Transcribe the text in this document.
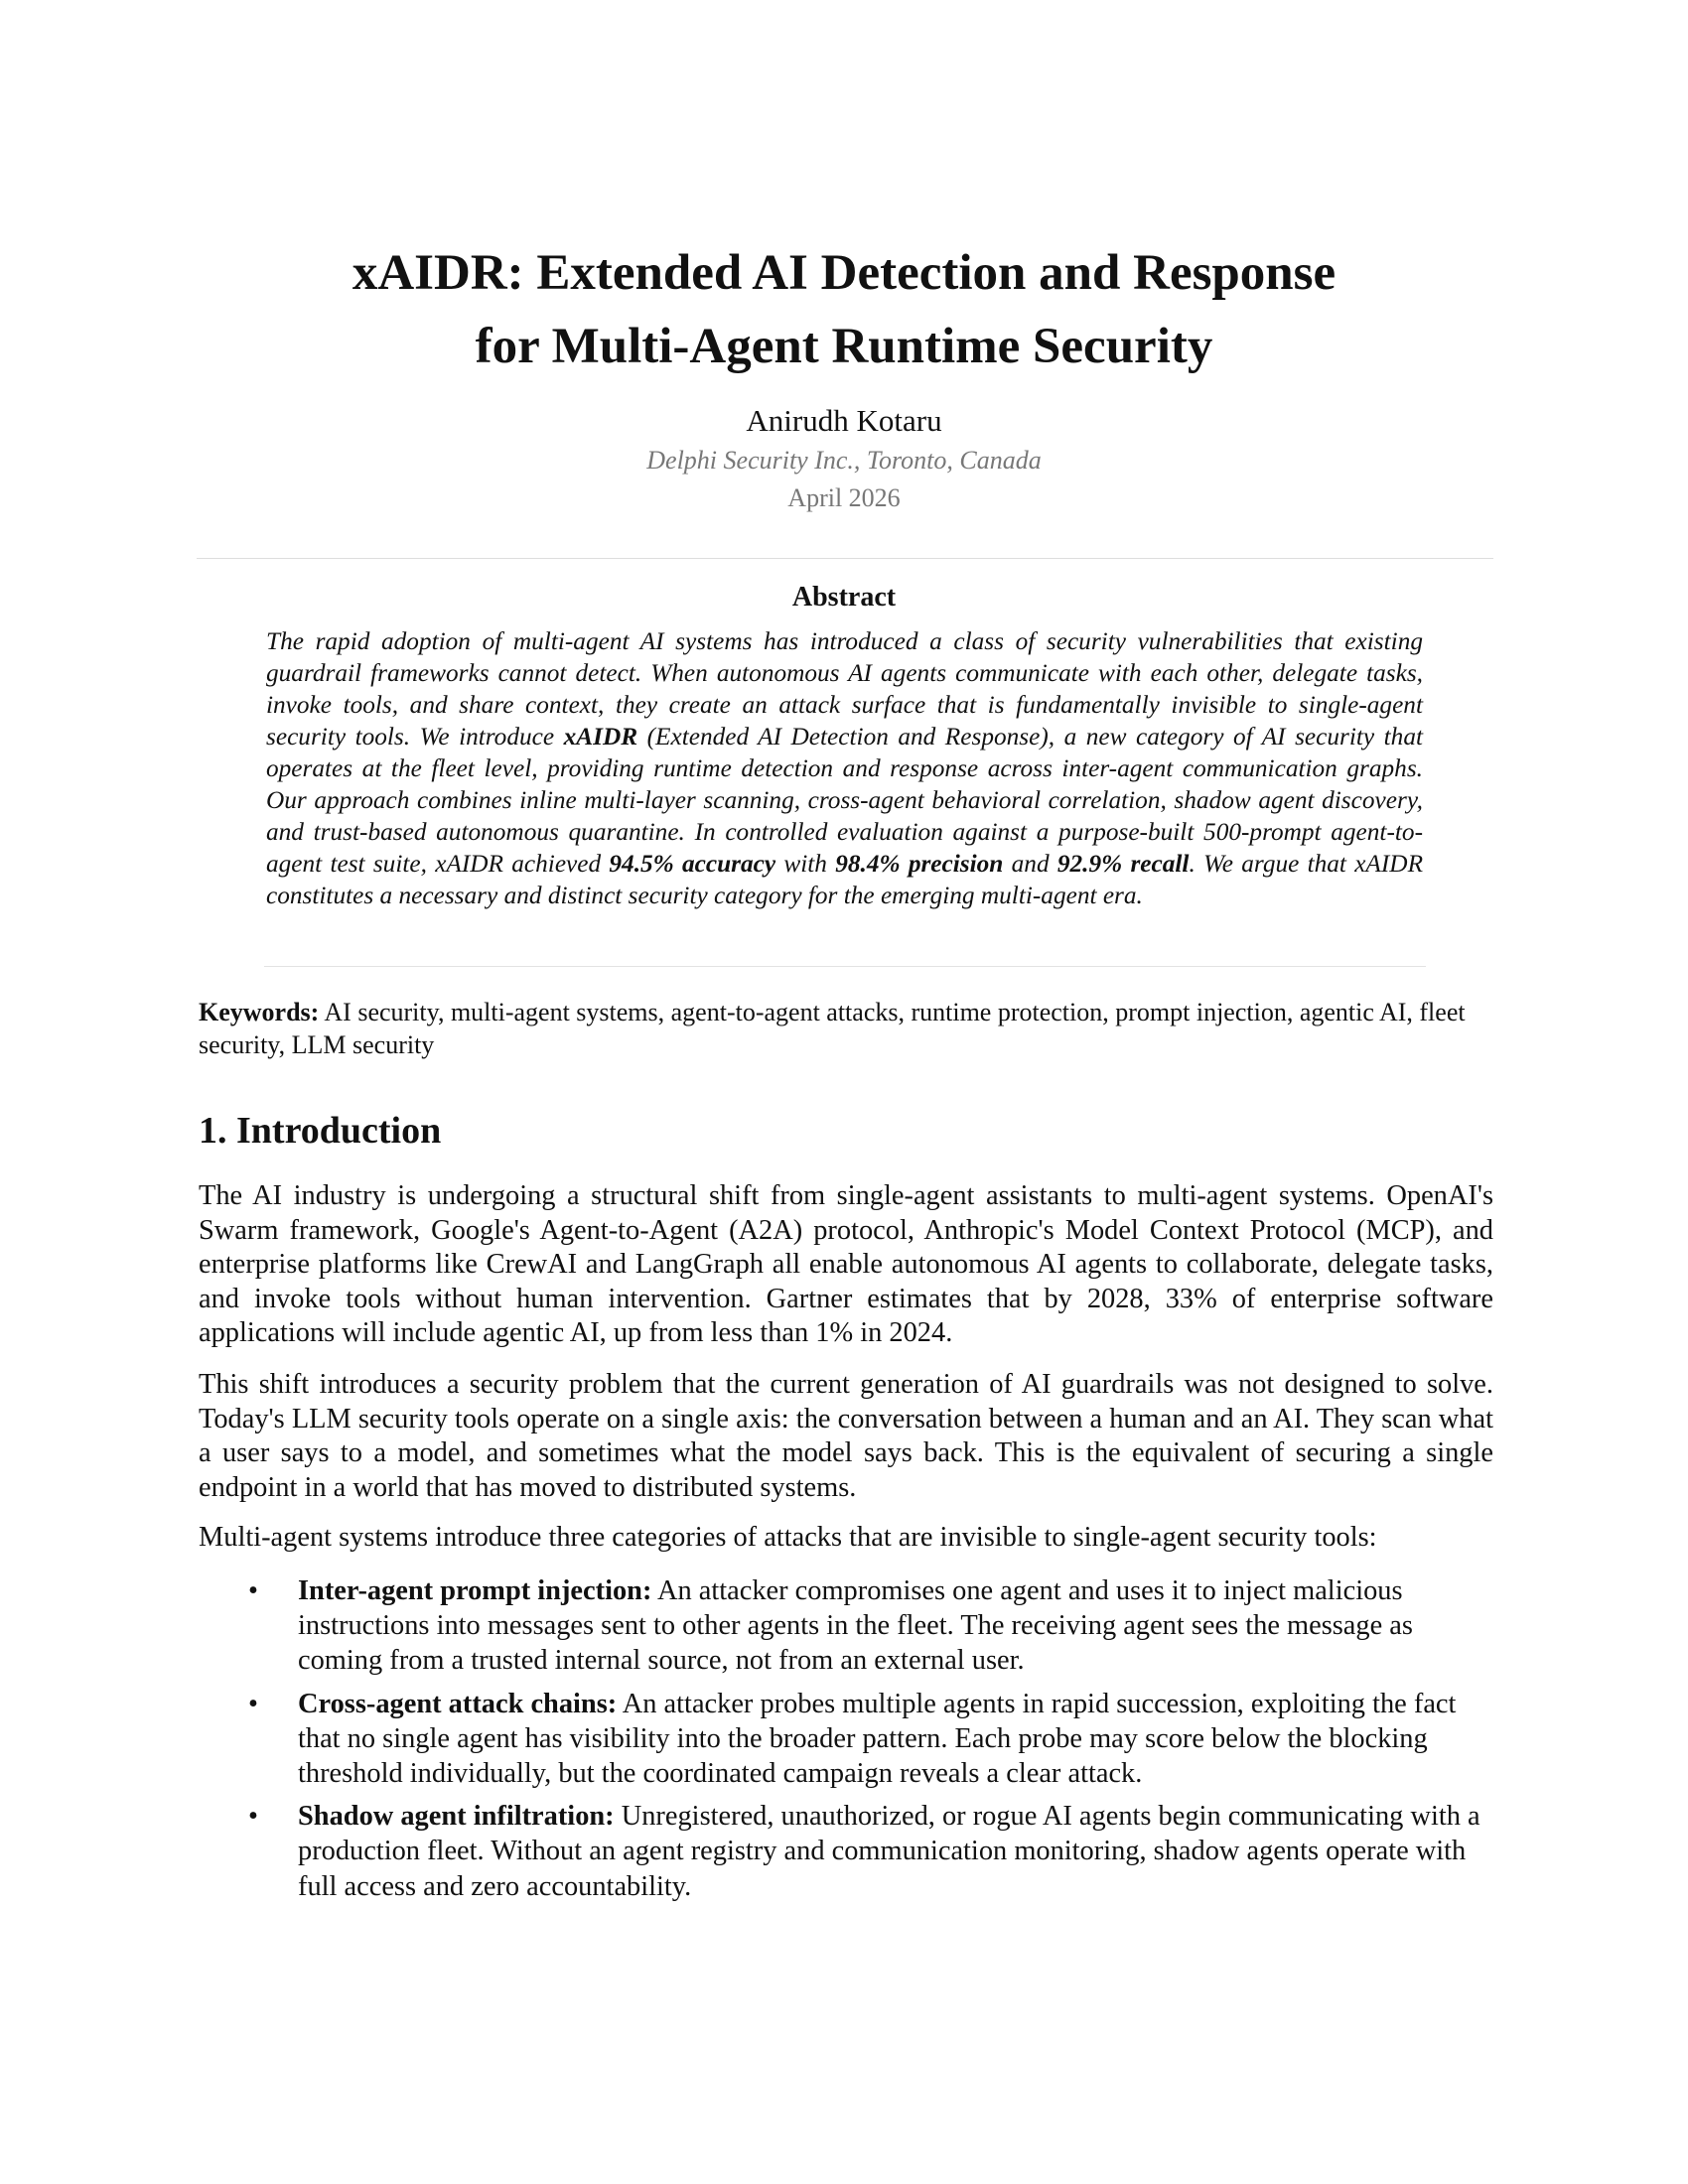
xAIDR: Extended AI Detection and Response
for Multi-Agent Runtime Security
Anirudh Kotaru
Delphi Security Inc., Toronto, Canada
April 2026
Abstract

The rapid adoption of multi-agent AI systems has introduced a class of security vulnerabilities that existing guardrail frameworks cannot detect. When autonomous AI agents communicate with each other, delegate tasks, invoke tools, and share context, they create an attack surface that is fundamentally invisible to single-agent security tools. We introduce xAIDR (Extended AI Detection and Response), a new category of AI security that operates at the fleet level, providing runtime detection and response across inter-agent communication graphs. Our approach combines inline multi-layer scanning, cross-agent behavioral correlation, shadow agent discovery, and trust-based autonomous quarantine. In controlled evaluation against a purpose-built 500-prompt agent-to-agent test suite, xAIDR achieved 94.5% accuracy with 98.4% precision and 92.9% recall. We argue that xAIDR constitutes a necessary and distinct security category for the emerging multi-agent era.

Keywords: AI security, multi-agent systems, agent-to-agent attacks, runtime protection, prompt injection, agentic AI, fleet security, LLM security

1. Introduction

The AI industry is undergoing a structural shift from single-agent assistants to multi-agent systems. OpenAI's Swarm framework, Google's Agent-to-Agent (A2A) protocol, Anthropic's Model Context Protocol (MCP), and enterprise platforms like CrewAI and LangGraph all enable autonomous AI agents to collaborate, delegate tasks, and invoke tools without human intervention. Gartner estimates that by 2028, 33% of enterprise software applications will include agentic AI, up from less than 1% in 2024.

This shift introduces a security problem that the current generation of AI guardrails was not designed to solve. Today's LLM security tools operate on a single axis: the conversation between a human and an AI. They scan what a user says to a model, and sometimes what the model says back. This is the equivalent of securing a single endpoint in a world that has moved to distributed systems.

Multi-agent systems introduce three categories of attacks that are invisible to single-agent security tools:

• Inter-agent prompt injection: An attacker compromises one agent and uses it to inject malicious instructions into messages sent to other agents in the fleet. The receiving agent sees the message as coming from a trusted internal source, not from an external user.
• Cross-agent attack chains: An attacker probes multiple agents in rapid succession, exploiting the fact that no single agent has visibility into the broader pattern. Each probe may score below the blocking threshold individually, but the coordinated campaign reveals a clear attack.
• Shadow agent infiltration: Unregistered, unauthorized, or rogue AI agents begin communicating with a production fleet. Without an agent registry and communication monitoring, shadow agents operate with full access and zero accountability.
